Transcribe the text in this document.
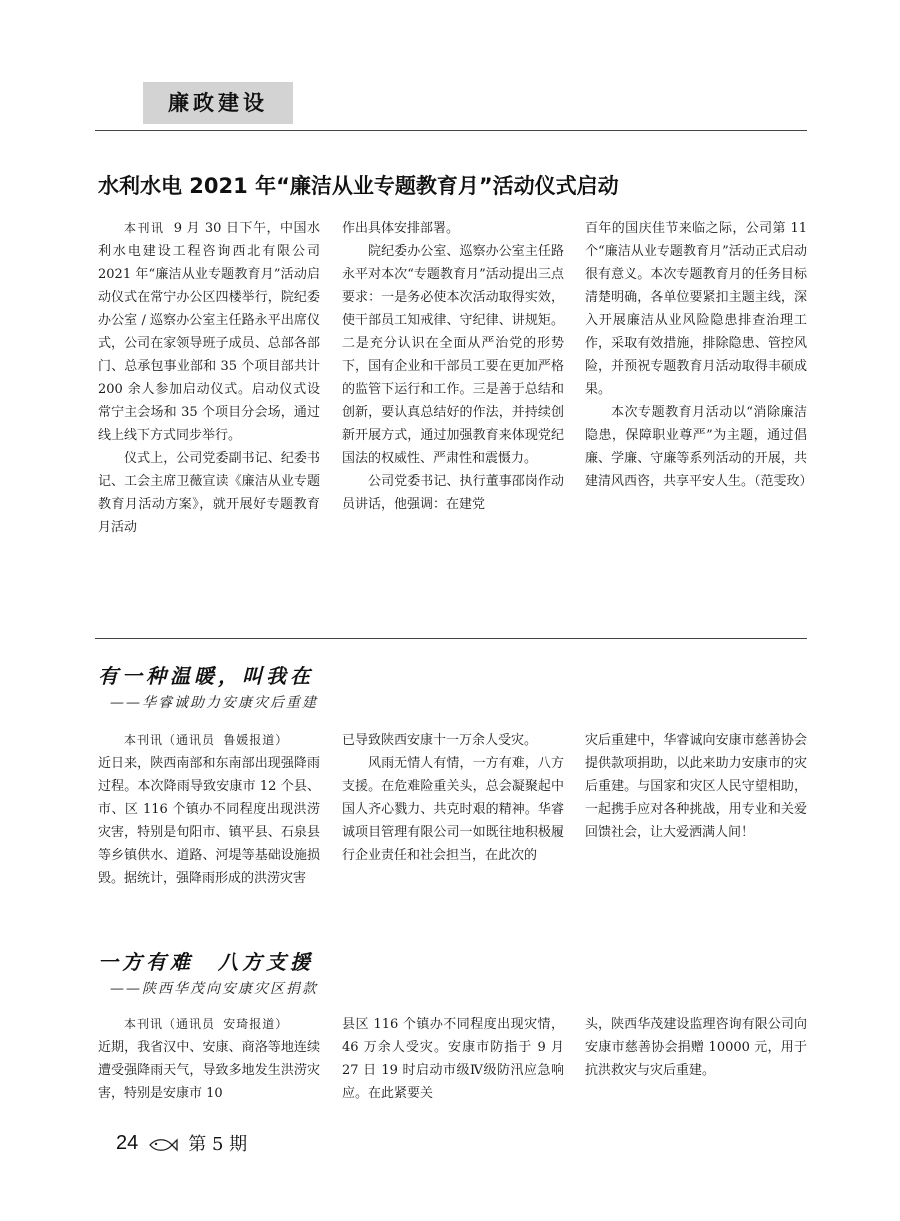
廉政建设
水利水电 2021 年“廉洁从业专题教育月”活动仪式启动

本刊讯 9 月 30 日下午，中国水利水电建设工程咨询西北有限公司 2021 年“廉洁从业专题教育月”活动启动仪式在常宁办公区四楼举行，院纪委办公室 / 巡察办公室主任路永平出席仪式，公司在家领导班子成员、总部各部门、总承包事业部和 35 个项目部共计 200 余人参加启动仪式。启动仪式设常宁主会场和 35 个项目分会场，通过线上线下方式同步举行。

仪式上，公司党委副书记、纪委书记、工会主席卫薇宣读《廉洁从业专题教育月活动方案》，就开展好专题教育月活动

作出具体安排部署。

院纪委办公室、巡察办公室主任路永平对本次“专题教育月”活动提出三点要求：一是务必使本次活动取得实效，使干部员工知戒律、守纪律、讲规矩。二是充分认识在全面从严治党的形势下，国有企业和干部员工要在更加严格的监管下运行和工作。三是善于总结和创新，要认真总结好的作法，并持续创新开展方式，通过加强教育来体现党纪国法的权威性、严肃性和震慑力。

公司党委书记、执行董事邵岗作动员讲话，他强调：在建党

百年的国庆佳节来临之际，公司第 11 个“廉洁从业专题教育月”活动正式启动很有意义。本次专题教育月的任务目标清楚明确，各单位要紧扣主题主线，深入开展廉洁从业风险隐患排查治理工作，采取有效措施，排除隐患、管控风险，并预祝专题教育月活动取得丰硕成果。

本次专题教育月活动以“消除廉洁隐患，保障职业尊严”为主题，通过倡廉、学廉、守廉等系列活动的开展，共建清风西咨，共享平安人生。（范雯玫）

有一种温暖，叫我在
——华睿诚助力安康灾后重建

本刊讯（通讯员 鲁媛报道）

近日来，陕西南部和东南部出现强降雨过程。本次降雨导致安康市 12 个县、市、区 116 个镇办不同程度出现洪涝灾害，特别是旬阳市、镇平县、石泉县等乡镇供水、道路、河堤等基础设施损毁。据统计，强降雨形成的洪涝灾害

已导致陕西安康十一万余人受灾。

风雨无情人有情，一方有难，八方支援。在危难险重关头，总会凝聚起中国人齐心戮力、共克时艰的精神。华睿诚项目管理有限公司一如既往地积极履行企业责任和社会担当，在此次的

灾后重建中，华睿诚向安康市慈善协会提供款项捐助，以此来助力安康市的灾后重建。与国家和灾区人民守望相助，一起携手应对各种挑战，用专业和关爱回馈社会，让大爱洒满人间！

一方有难　八方支援
——陕西华茂向安康灾区捐款

本刊讯（通讯员 安琦报道）

近期，我省汉中、安康、商洛等地连续遭受强降雨天气，导致多地发生洪涝灾害，特别是安康市 10

县区 116 个镇办不同程度出现灾情，46 万余人受灾。安康市防指于 9 月 27 日 19 时启动市级Ⅳ级防汛应急响应。在此紧要关

头，陕西华茂建设监理咨询有限公司向安康市慈善协会捐赠 10000 元，用于抗洪救灾与灾后重建。

24	第 5 期
